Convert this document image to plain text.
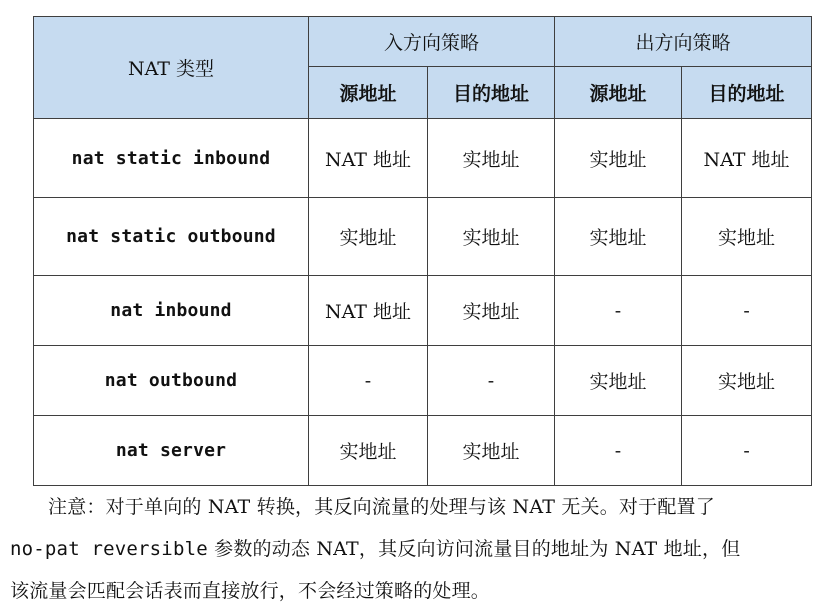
NAT 类型	入方向策略		出方向策略	
	源地址	目的地址	源地址	目的地址
nat static inbound	NAT 地址	实地址	实地址	NAT 地址
nat static outbound	实地址	实地址	实地址	实地址
nat inbound	NAT 地址	实地址	-	-
nat outbound	-	-	实地址	实地址
nat server	实地址	实地址	-	-
注意：对于单向的 NAT 转换，其反向流量的处理与该 NAT 无关。对于配置了
no-pat reversible 参数的动态 NAT，其反向访问流量目的地址为 NAT 地址，但
该流量会匹配会话表而直接放行，不会经过策略的处理。
